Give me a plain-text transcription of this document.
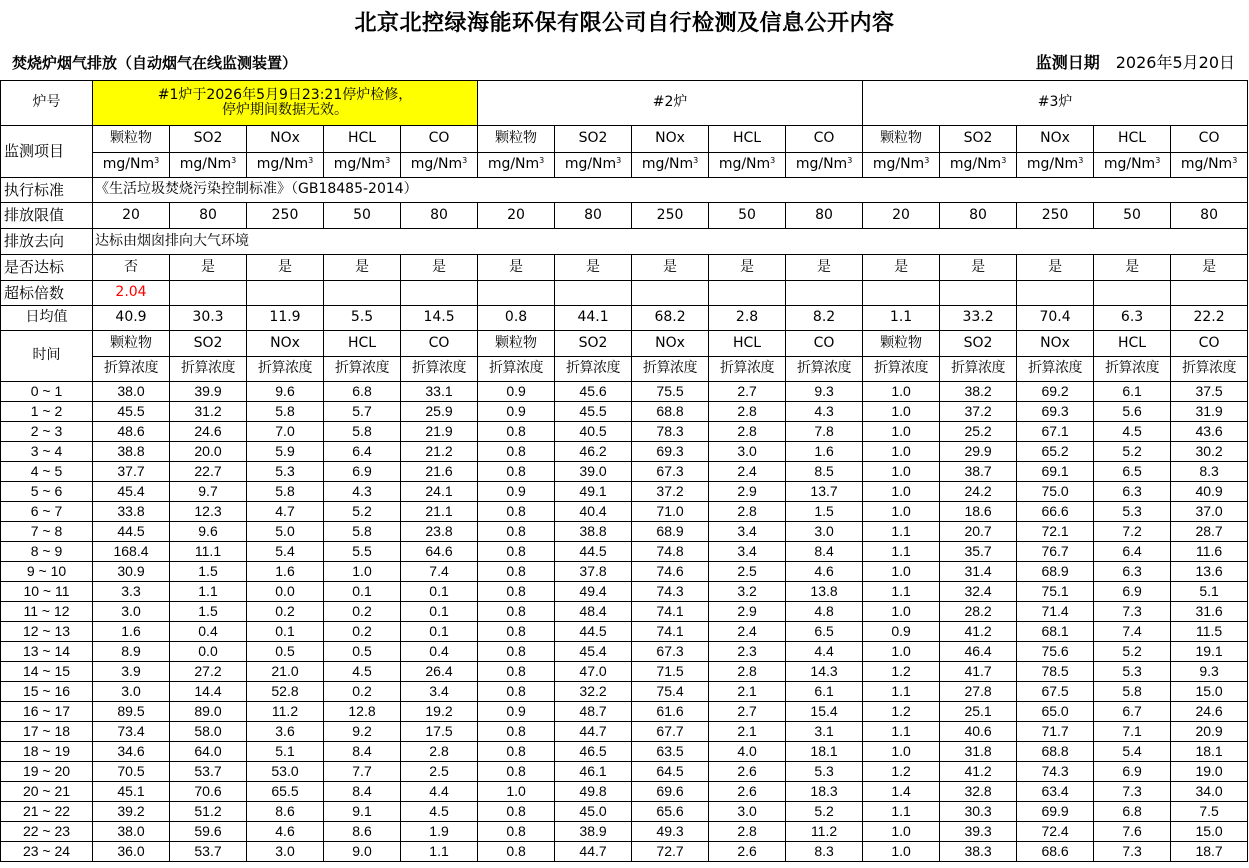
北京北控绿海能环保有限公司自行检测及信息公开内容
焚烧炉烟气排放（自动烟气在线监测装置）	监测日期 2026年5月20日
炉号	#1炉于2026年5月9日23:21停炉检修，
停炉期间数据无效。					#2炉					#3炉				
监测项目	颗粒物	SO2	NOx	HCL	CO	颗粒物	SO2	NOx	HCL	CO	颗粒物	SO2	NOx	HCL	CO
	mg/Nm$^3$	mg/Nm$^3$	mg/Nm$^3$	mg/Nm$^3$	mg/Nm$^3$	mg/Nm$^3$	mg/Nm$^3$	mg/Nm$^3$	mg/Nm$^3$	mg/Nm$^3$	mg/Nm$^3$	mg/Nm$^3$	mg/Nm$^3$	mg/Nm$^3$	mg/Nm$^3$
执行标准	《生活垃圾焚烧污染控制标准》（GB18485-2014）														
排放限值	20	80	250	50	80	20	80	250	50	80	20	80	250	50	80
排放去向	达标由烟囱排向大气环境														
是否达标	否	是	是	是	是	是	是	是	是	是	是	是	是	是	是
超标倍数	2.04														
日均值	40.9	30.3	11.9	5.5	14.5	0.8	44.1	68.2	2.8	8.2	1.1	33.2	70.4	6.3	22.2
时间	颗粒物	SO2	NOx	HCL	CO	颗粒物	SO2	NOx	HCL	CO	颗粒物	SO2	NOx	HCL	CO
	折算浓度	折算浓度	折算浓度	折算浓度	折算浓度	折算浓度	折算浓度	折算浓度	折算浓度	折算浓度	折算浓度	折算浓度	折算浓度	折算浓度	折算浓度
0 ~ 1	38.0	39.9	9.6	6.8	33.1	0.9	45.6	75.5	2.7	9.3	1.0	38.2	69.2	6.1	37.5
1 ~ 2	45.5	31.2	5.8	5.7	25.9	0.9	45.5	68.8	2.8	4.3	1.0	37.2	69.3	5.6	31.9
2 ~ 3	48.6	24.6	7.0	5.8	21.9	0.8	40.5	78.3	2.8	7.8	1.0	25.2	67.1	4.5	43.6
3 ~ 4	38.8	20.0	5.9	6.4	21.2	0.8	46.2	69.3	3.0	1.6	1.0	29.9	65.2	5.2	30.2
4 ~ 5	37.7	22.7	5.3	6.9	21.6	0.8	39.0	67.3	2.4	8.5	1.0	38.7	69.1	6.5	8.3
5 ~ 6	45.4	9.7	5.8	4.3	24.1	0.9	49.1	37.2	2.9	13.7	1.0	24.2	75.0	6.3	40.9
6 ~ 7	33.8	12.3	4.7	5.2	21.1	0.8	40.4	71.0	2.8	1.5	1.0	18.6	66.6	5.3	37.0
7 ~ 8	44.5	9.6	5.0	5.8	23.8	0.8	38.8	68.9	3.4	3.0	1.1	20.7	72.1	7.2	28.7
8 ~ 9	168.4	11.1	5.4	5.5	64.6	0.8	44.5	74.8	3.4	8.4	1.1	35.7	76.7	6.4	11.6
9 ~ 10	30.9	1.5	1.6	1.0	7.4	0.8	37.8	74.6	2.5	4.6	1.0	31.4	68.9	6.3	13.6
10 ~ 11	3.3	1.1	0.0	0.1	0.1	0.8	49.4	74.3	3.2	13.8	1.1	32.4	75.1	6.9	5.1
11 ~ 12	3.0	1.5	0.2	0.2	0.1	0.8	48.4	74.1	2.9	4.8	1.0	28.2	71.4	7.3	31.6
12 ~ 13	1.6	0.4	0.1	0.2	0.1	0.8	44.5	74.1	2.4	6.5	0.9	41.2	68.1	7.4	11.5
13 ~ 14	8.9	0.0	0.5	0.5	0.4	0.8	45.4	67.3	2.3	4.4	1.0	46.4	75.6	5.2	19.1
14 ~ 15	3.9	27.2	21.0	4.5	26.4	0.8	47.0	71.5	2.8	14.3	1.2	41.7	78.5	5.3	9.3
15 ~ 16	3.0	14.4	52.8	0.2	3.4	0.8	32.2	75.4	2.1	6.1	1.1	27.8	67.5	5.8	15.0
16 ~ 17	89.5	89.0	11.2	12.8	19.2	0.9	48.7	61.6	2.7	15.4	1.2	25.1	65.0	6.7	24.6
17 ~ 18	73.4	58.0	3.6	9.2	17.5	0.8	44.7	67.7	2.1	3.1	1.1	40.6	71.7	7.1	20.9
18 ~ 19	34.6	64.0	5.1	8.4	2.8	0.8	46.5	63.5	4.0	18.1	1.0	31.8	68.8	5.4	18.1
19 ~ 20	70.5	53.7	53.0	7.7	2.5	0.8	46.1	64.5	2.6	5.3	1.2	41.2	74.3	6.9	19.0
20 ~ 21	45.1	70.6	65.5	8.4	4.4	1.0	49.8	69.6	2.6	18.3	1.4	32.8	63.4	7.3	34.0
21 ~ 22	39.2	51.2	8.6	9.1	4.5	0.8	45.0	65.6	3.0	5.2	1.1	30.3	69.9	6.8	7.5
22 ~ 23	38.0	59.6	4.6	8.6	1.9	0.8	38.9	49.3	2.8	11.2	1.0	39.3	72.4	7.6	15.0
23 ~ 24	36.0	53.7	3.0	9.0	1.1	0.8	44.7	72.7	2.6	8.3	1.0	38.3	68.6	7.3	18.7
